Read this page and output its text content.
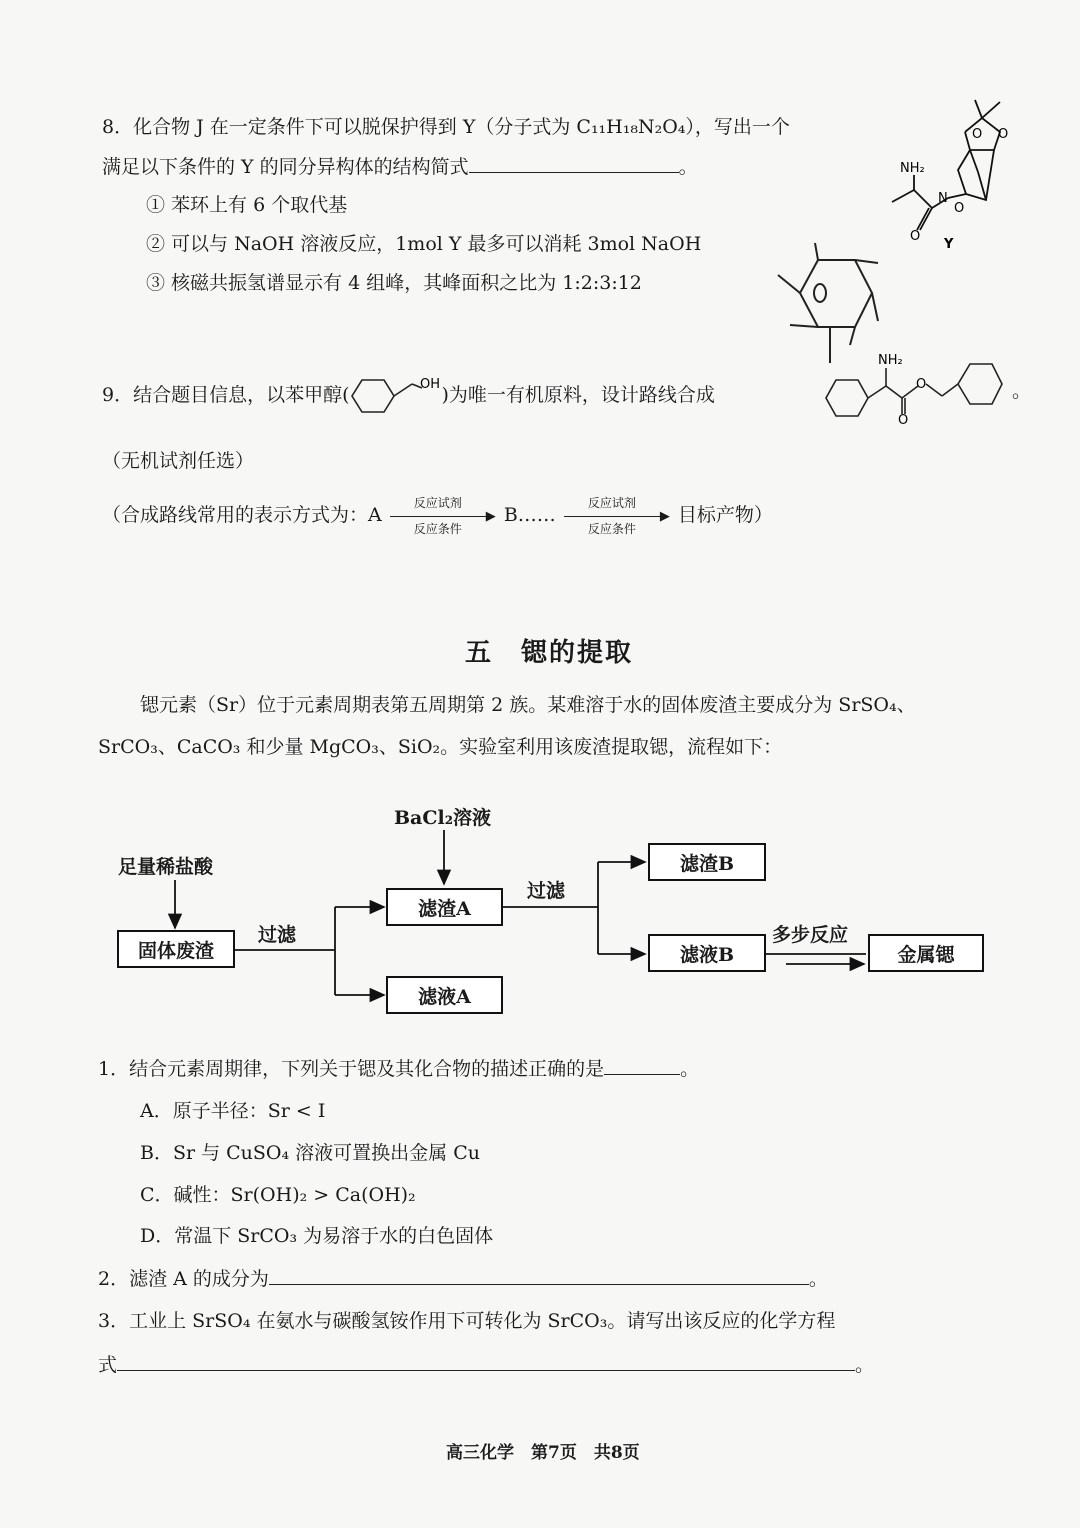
8．化合物 J 在一定条件下可以脱保护得到 Y（分子式为 C₁₁H₁₈N₂O₄），写出一个
满足以下条件的 Y 的同分异构体的结构简式	。
① 苯环上有 6 个取代基
② 可以与 NaOH 溶液反应，1mol Y 最多可以消耗 3mol NaOH
③ 核磁共振氢谱显示有 4 组峰，其峰面积之比为 1:2:3:12
NH₂
N
O O
O
O
Y
9．结合题目信息，以苯甲醇(	OH )为唯一有机原料，设计路线合成
NH₂
O
O
。
（无机试剂任选）
（合成路线常用的表示方式为：A
反应试剂
▶
反应条件
B……
反应试剂
▶
反应条件
目标产物）
五　锶的提取
锶元素（Sr）位于元素周期表第五周期第 2 族。某难溶于水的固体废渣主要成分为 SrSO₄、
SrCO₃、CaCO₃ 和少量 MgCO₃、SiO₂。实验室利用该废渣提取锶，流程如下：
足量稀盐酸
BaCl₂溶液
固体废渣
过滤
滤渣A
滤液A
过滤
滤渣B
滤液B
多步反应
金属锶
1．结合元素周期律，下列关于锶及其化合物的描述正确的是	。
A．原子半径：Sr < I
B．Sr 与 CuSO₄ 溶液可置换出金属 Cu
C．碱性：Sr(OH)₂ > Ca(OH)₂
D．常温下 SrCO₃ 为易溶于水的白色固体
2．滤渣 A 的成分为	。
3．工业上 SrSO₄ 在氨水与碳酸氢铵作用下可转化为 SrCO₃。请写出该反应的化学方程
式	。
高三化学　第7页　共8页
